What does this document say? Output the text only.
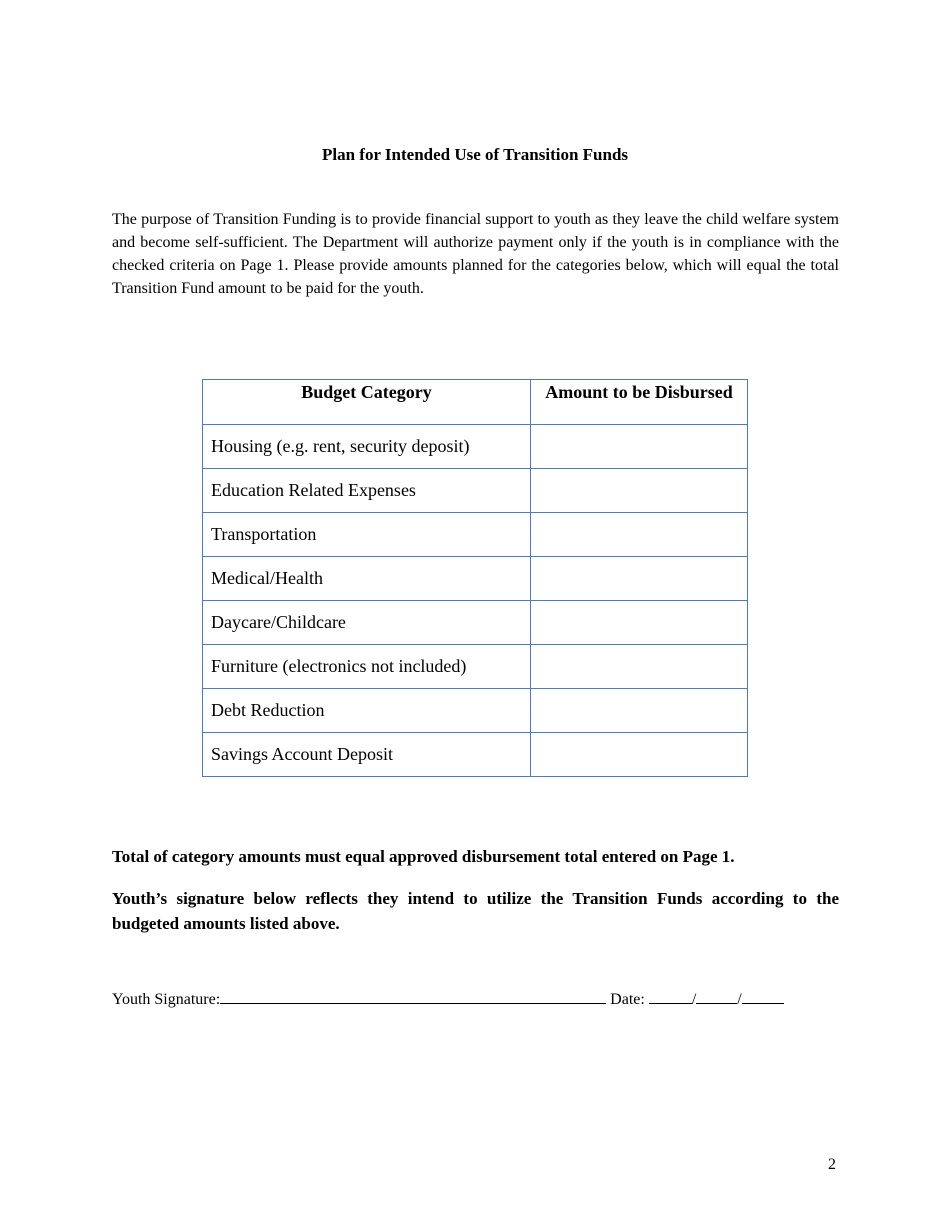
Plan for Intended Use of Transition Funds
The purpose of Transition Funding is to provide financial support to youth as they leave the child welfare system and become self-sufficient. The Department will authorize payment only if the youth is in compliance with the checked criteria on Page 1. Please provide amounts planned for the categories below, which will equal the total Transition Fund amount to be paid for the youth.
Budget Category	Amount to be Disbursed
Housing (e.g. rent, security deposit)	
Education Related Expenses	
Transportation	
Medical/Health	
Daycare/Childcare	
Furniture (electronics not included)	
Debt Reduction	
Savings Account Deposit	
Total of category amounts must equal approved disbursement total entered on Page 1.
Youth’s signature below reflects they intend to utilize the Transition Funds according to the budgeted amounts listed above.
Youth Signature:	Date:	/	/
2
